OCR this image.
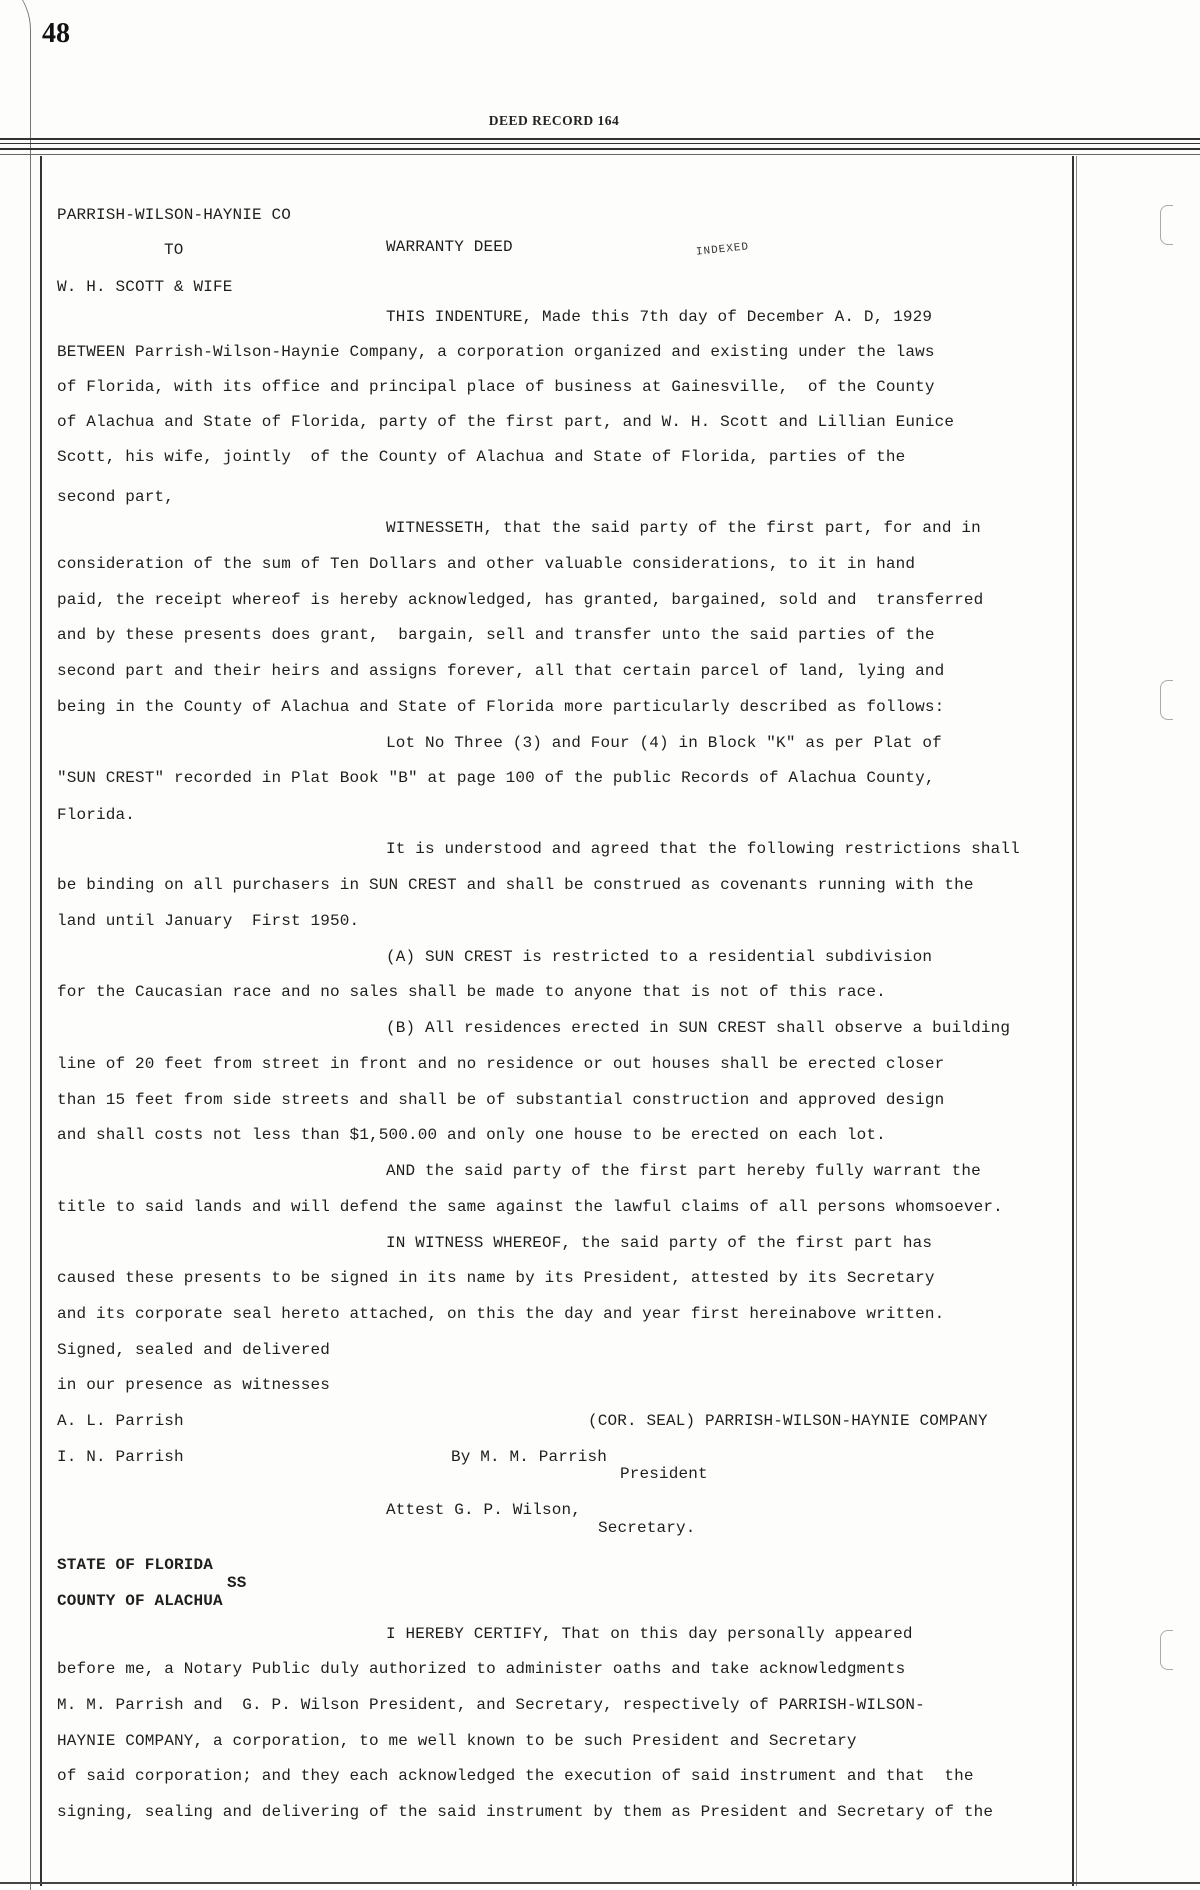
48
DEED RECORD 164
INDEXED
PARRISH-WILSON-HAYNIE CO
TO	WARRANTY DEED
W. H. SCOTT & WIFE
THIS INDENTURE, Made this 7th day of December A. D, 1929
BETWEEN Parrish-Wilson-Haynie Company, a corporation organized and existing under the laws
of Florida, with its office and principal place of business at Gainesville,  of the County
of Alachua and State of Florida, party of the first part, and W. H. Scott and Lillian Eunice
Scott, his wife, jointly  of the County of Alachua and State of Florida, parties of the
second part,
WITNESSETH, that the said party of the first part, for and in
consideration of the sum of Ten Dollars and other valuable considerations, to it in hand
paid, the receipt whereof is hereby acknowledged, has granted, bargained, sold and  transferred
and by these presents does grant,  bargain, sell and transfer unto the said parties of the
second part and their heirs and assigns forever, all that certain parcel of land, lying and
being in the County of Alachua and State of Florida more particularly described as follows:
Lot No Three (3) and Four (4) in Block "K" as per Plat of
"SUN CREST" recorded in Plat Book "B" at page 100 of the public Records of Alachua County,
Florida.
It is understood and agreed that the following restrictions shall
be binding on all purchasers in SUN CREST and shall be construed as covenants running with the
land until January  First 1950.
(A) SUN CREST is restricted to a residential subdivision
for the Caucasian race and no sales shall be made to anyone that is not of this race.
(B) All residences erected in SUN CREST shall observe a building
line of 20 feet from street in front and no residence or out houses shall be erected closer
than 15 feet from side streets and shall be of substantial construction and approved design
and shall costs not less than $1,500.00 and only one house to be erected on each lot.
AND the said party of the first part hereby fully warrant the
title to said lands and will defend the same against the lawful claims of all persons whomsoever.
IN WITNESS WHEREOF, the said party of the first part has
caused these presents to be signed in its name by its President, attested by its Secretary
and its corporate seal hereto attached, on this the day and year first hereinabove written.
Signed, sealed and delivered
in our presence as witnesses
A. L. Parrish	(COR. SEAL) PARRISH-WILSON-HAYNIE COMPANY
I. N. Parrish	By M. M. Parrish
President
Attest G. P. Wilson,
Secretary.
STATE OF FLORIDA
SS
COUNTY OF ALACHUA
I HEREBY CERTIFY, That on this day personally appeared
before me, a Notary Public duly authorized to administer oaths and take acknowledgments
M. M. Parrish and  G. P. Wilson President, and Secretary, respectively of PARRISH-WILSON-
HAYNIE COMPANY, a corporation, to me well known to be such President and Secretary
of said corporation; and they each acknowledged the execution of said instrument and that  the
signing, sealing and delivering of the said instrument by them as President and Secretary of the
